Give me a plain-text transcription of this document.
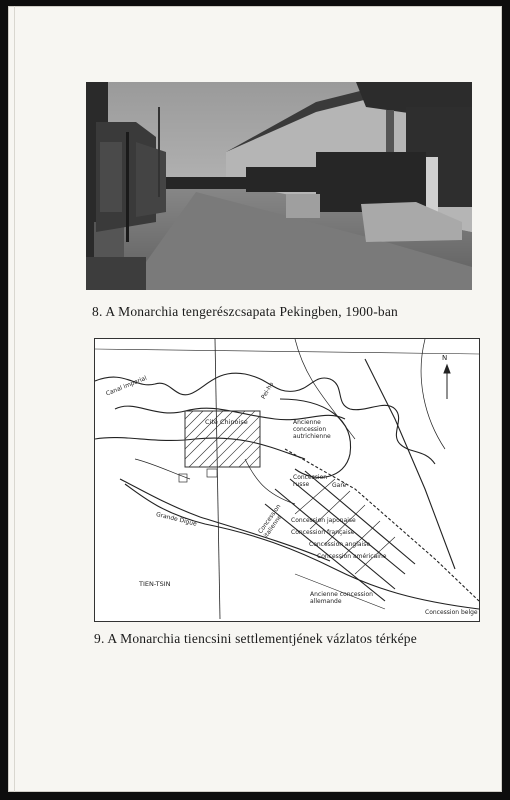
8. A Monarchia tengerészcsapata Pekingben, 1900-ban
N
Canal imperial
Cité Chinoise	Ancienne concession autrichienne
Pei-ho
Concession russe	Gare
Concession italienne	Concession japonaise
Concession française
Concession anglaise
Concession américaine
Ancienne concession allemande
Concession belge
Grande Digue
TIEN-TSIN
9. A Monarchia tiencsini settlementjének vázlatos térképe
